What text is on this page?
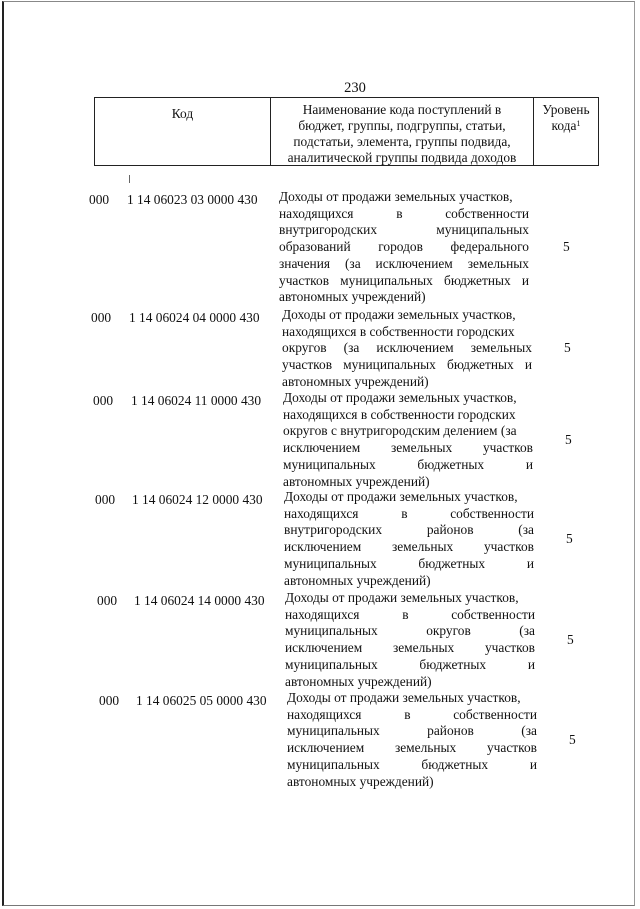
230
Код	Наименование кода поступлений в
бюджет, группы, подгруппы, статьи,
подстатьи, элемента, группы подвида,
аналитической группы подвида доходов
Уровень
кода$^1$
000 1 14 06023 03 0000 430 Доходы от продажи земельных участков,
находящихся в собственности
внутригородских муниципальных
образований городов федерального
значения (за исключением земельных
участков муниципальных бюджетных и
автономных учреждений)
5
000 1 14 06024 04 0000 430 Доходы от продажи земельных участков,
находящихся в собственности городских
округов (за исключением земельных
участков муниципальных бюджетных и
автономных учреждений)
5
000 1 14 06024 11 0000 430 Доходы от продажи земельных участков,
находящихся в собственности городских
округов с внутригородским делением (за
исключением земельных участков
муниципальных бюджетных и
автономных учреждений)
5
000 1 14 06024 12 0000 430 Доходы от продажи земельных участков,
находящихся в собственности
внутригородских районов (за
исключением земельных участков
муниципальных бюджетных и
автономных учреждений)
5
000 1 14 06024 14 0000 430 Доходы от продажи земельных участков,
находящихся в собственности
муниципальных округов (за
исключением земельных участков
муниципальных бюджетных и
автономных учреждений)
5
000 1 14 06025 05 0000 430 Доходы от продажи земельных участков,
находящихся в собственности
муниципальных районов (за
исключением земельных участков
муниципальных бюджетных и
автономных учреждений)
5
